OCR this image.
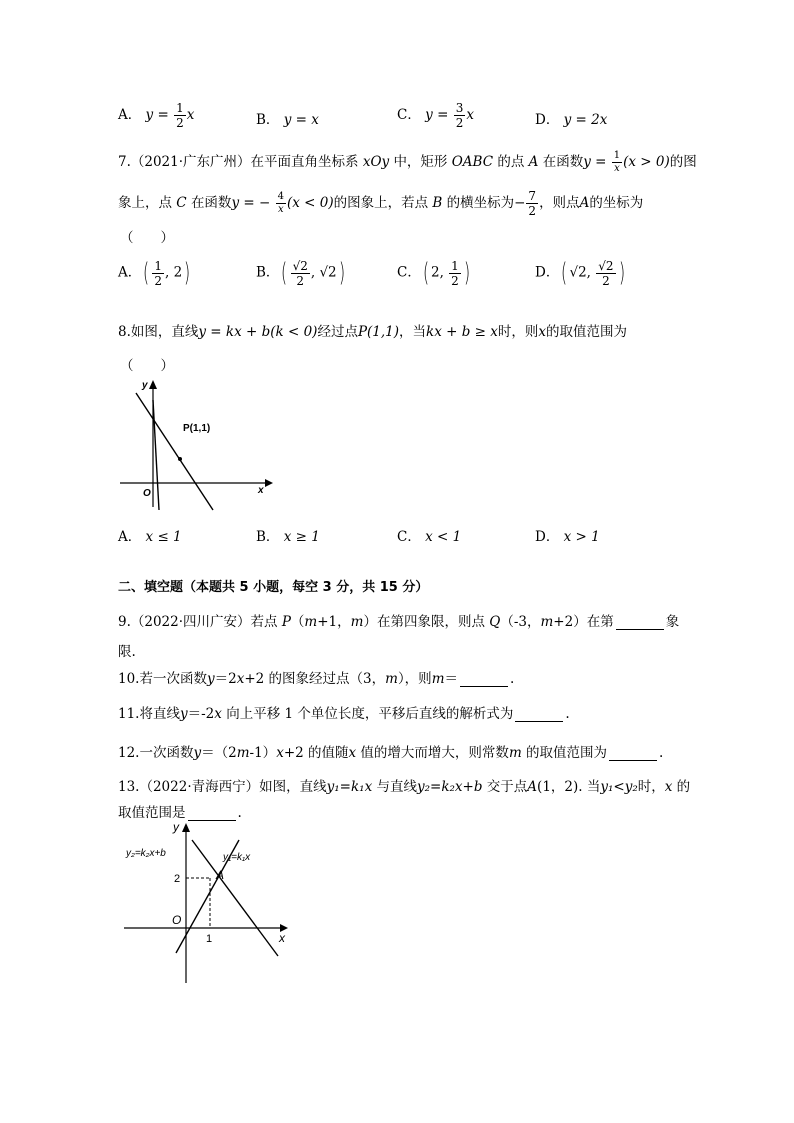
A． $y = \frac{1}{2}$ x	B． y = x	C． $y = \frac{3}{2}$ x	D． y = 2x
7.（2021·广东广州）在平面直角坐标系 xOy 中，矩形 OABC 的点 A 在函数$y = \frac{1}{x} (x > 0)$的图
象上，点 C 在函数y = − $\frac{4}{x} (x < 0)$的图象上，若点 B 的横坐标为− $\frac{7}{2}$ ，则点A的坐标为
（　　）
A．( $\frac{1}{2}$ , 2)	B．( $\frac{√2}{2}$ , √2)	C．( 2, $\frac{1}{2}$ )	D．( √2, $\frac{√2}{2}$ )
8.如图，直线y = kx + b(k < 0)经过点P(1,1)，当kx + b ≥ x时，则x的取值范围为
（　　）
y
x
O
P(1,1)
A． x ≤ 1	B． x ≥ 1	C． x < 1	D． x > 1
二、填空题（本题共 5 小题，每空 3 分，共 15 分）
9.（2022·四川广安）若点 P（m+1，m）在第四象限，则点 Q（-3，m+2）在第	象
限.
10.若一次函数y＝2x+2 的图象经过点（3，m），则m＝	.
11.将直线y＝-2x 向上平移 1 个单位长度，平移后直线的解析式为	.
12.一次函数y＝（2m-1）x+2 的值随x 值的增大而增大，则常数m 的取值范围为	.
13.（2022·青海西宁）如图，直线y₁=k₁x 与直线y₂=k₂x+b 交于点A(1，2). 当y₁<y₂时，x 的
取值范围是	.
y
x
O
A
2
1
y₁=k₁x
y₂=k₂x+b
